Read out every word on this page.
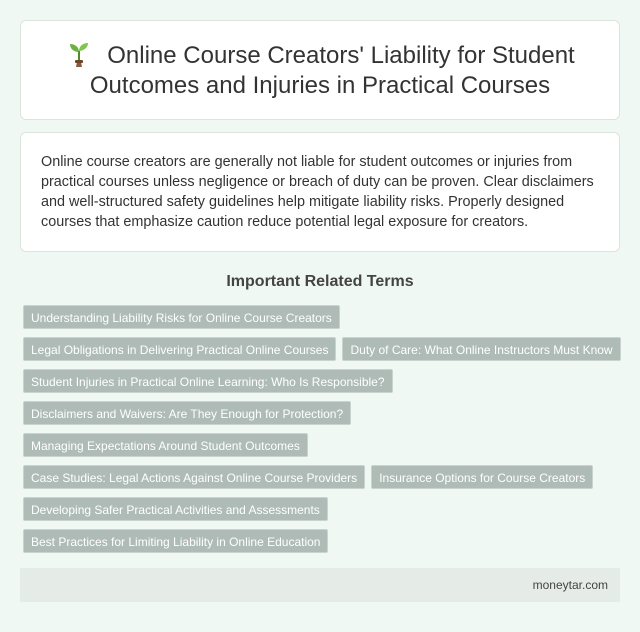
Online Course Creators' Liability for Student Outcomes and Injuries in Practical Courses

Online course creators are generally not liable for student outcomes or injuries from practical courses unless negligence or breach of duty can be proven. Clear disclaimers and well-structured safety guidelines help mitigate liability risks. Properly designed courses that emphasize caution reduce potential legal exposure for creators.

Important Related Terms
Understanding Liability Risks for Online Course Creators
Legal Obligations in Delivering Practical Online Courses Duty of Care: What Online Instructors Must Know
Student Injuries in Practical Online Learning: Who Is Responsible?
Disclaimers and Waivers: Are They Enough for Protection?
Managing Expectations Around Student Outcomes
Case Studies: Legal Actions Against Online Course Providers Insurance Options for Course Creators
Developing Safer Practical Activities and Assessments
Best Practices for Limiting Liability in Online Education
moneytar.com
